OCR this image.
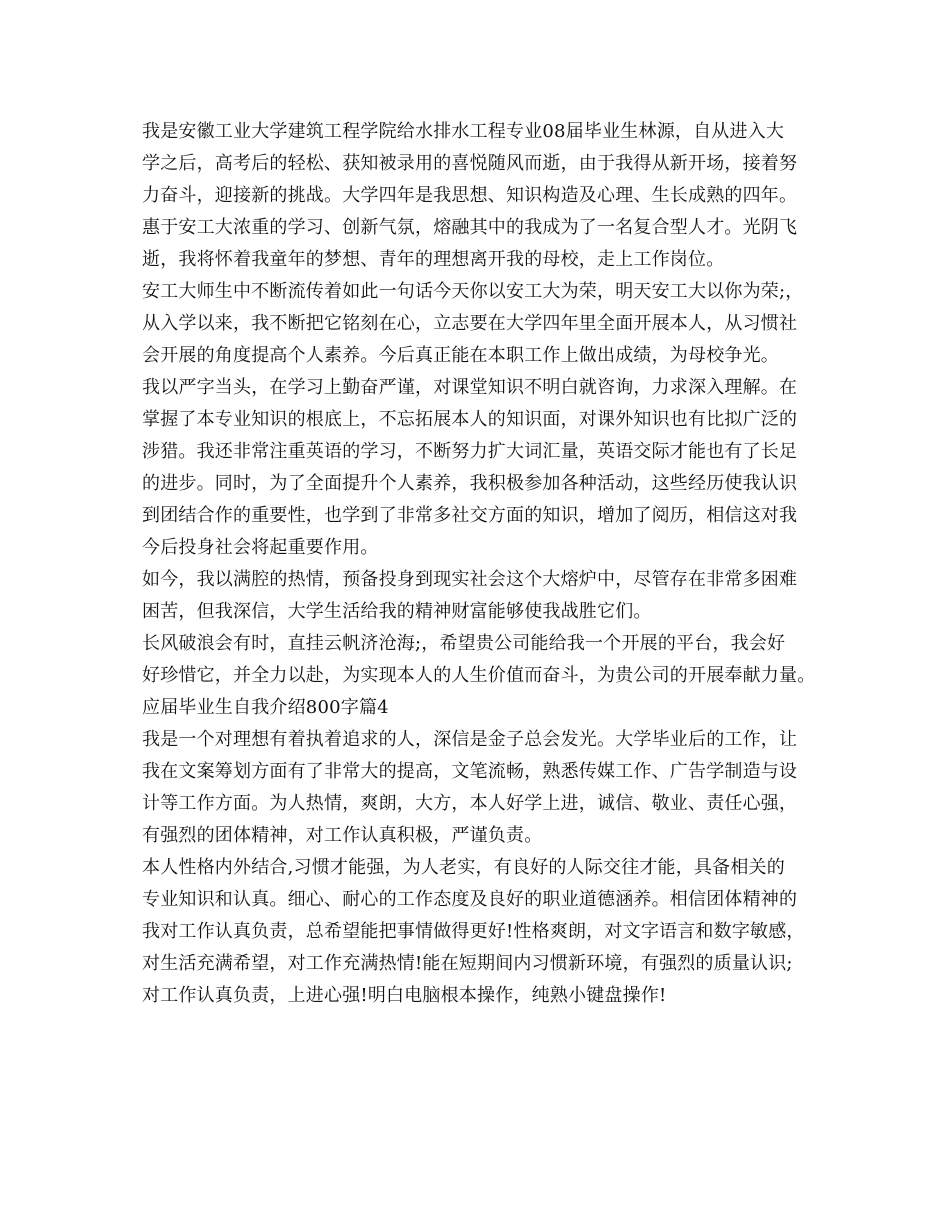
我是安徽工业大学建筑工程学院给水排水工程专业08届毕业生林源，自从进入大
学之后，高考后的轻松、获知被录用的喜悦随风而逝，由于我得从新开场，接着努
力奋斗，迎接新的挑战。大学四年是我思想、知识构造及心理、生长成熟的四年。
惠于安工大浓重的学习、创新气氛，熔融其中的我成为了一名复合型人才。光阴飞
逝，我将怀着我童年的梦想、青年的理想离开我的母校，走上工作岗位。
安工大师生中不断流传着如此一句话今天你以安工大为荣，明天安工大以你为荣;，
从入学以来，我不断把它铭刻在心，立志要在大学四年里全面开展本人，从习惯社
会开展的角度提高个人素养。今后真正能在本职工作上做出成绩，为母校争光。
我以严字当头，在学习上勤奋严谨，对课堂知识不明白就咨询，力求深入理解。在
掌握了本专业知识的根底上，不忘拓展本人的知识面，对课外知识也有比拟广泛的
涉猎。我还非常注重英语的学习，不断努力扩大词汇量，英语交际才能也有了长足
的进步。同时，为了全面提升个人素养，我积极参加各种活动，这些经历使我认识
到团结合作的重要性，也学到了非常多社交方面的知识，增加了阅历，相信这对我
今后投身社会将起重要作用。
如今，我以满腔的热情，预备投身到现实社会这个大熔炉中，尽管存在非常多困难
困苦，但我深信，大学生活给我的精神财富能够使我战胜它们。
长风破浪会有时，直挂云帆济沧海;，希望贵公司能给我一个开展的平台，我会好
好珍惜它，并全力以赴，为实现本人的人生价值而奋斗，为贵公司的开展奉献力量。
应届毕业生自我介绍800字篇4
我是一个对理想有着执着追求的人，深信是金子总会发光。大学毕业后的工作，让
我在文案筹划方面有了非常大的提高，文笔流畅，熟悉传媒工作、广告学制造与设
计等工作方面。为人热情，爽朗，大方，本人好学上进，诚信、敬业、责任心强，
有强烈的团体精神，对工作认真积极，严谨负责。
本人性格内外结合,习惯才能强，为人老实，有良好的人际交往才能，具备相关的
专业知识和认真。细心、耐心的工作态度及良好的职业道德涵养。相信团体精神的
我对工作认真负责，总希望能把事情做得更好!性格爽朗，对文字语言和数字敏感，
对生活充满希望，对工作充满热情!能在短期间内习惯新环境，有强烈的质量认识;
对工作认真负责，上进心强!明白电脑根本操作，纯熟小键盘操作!
